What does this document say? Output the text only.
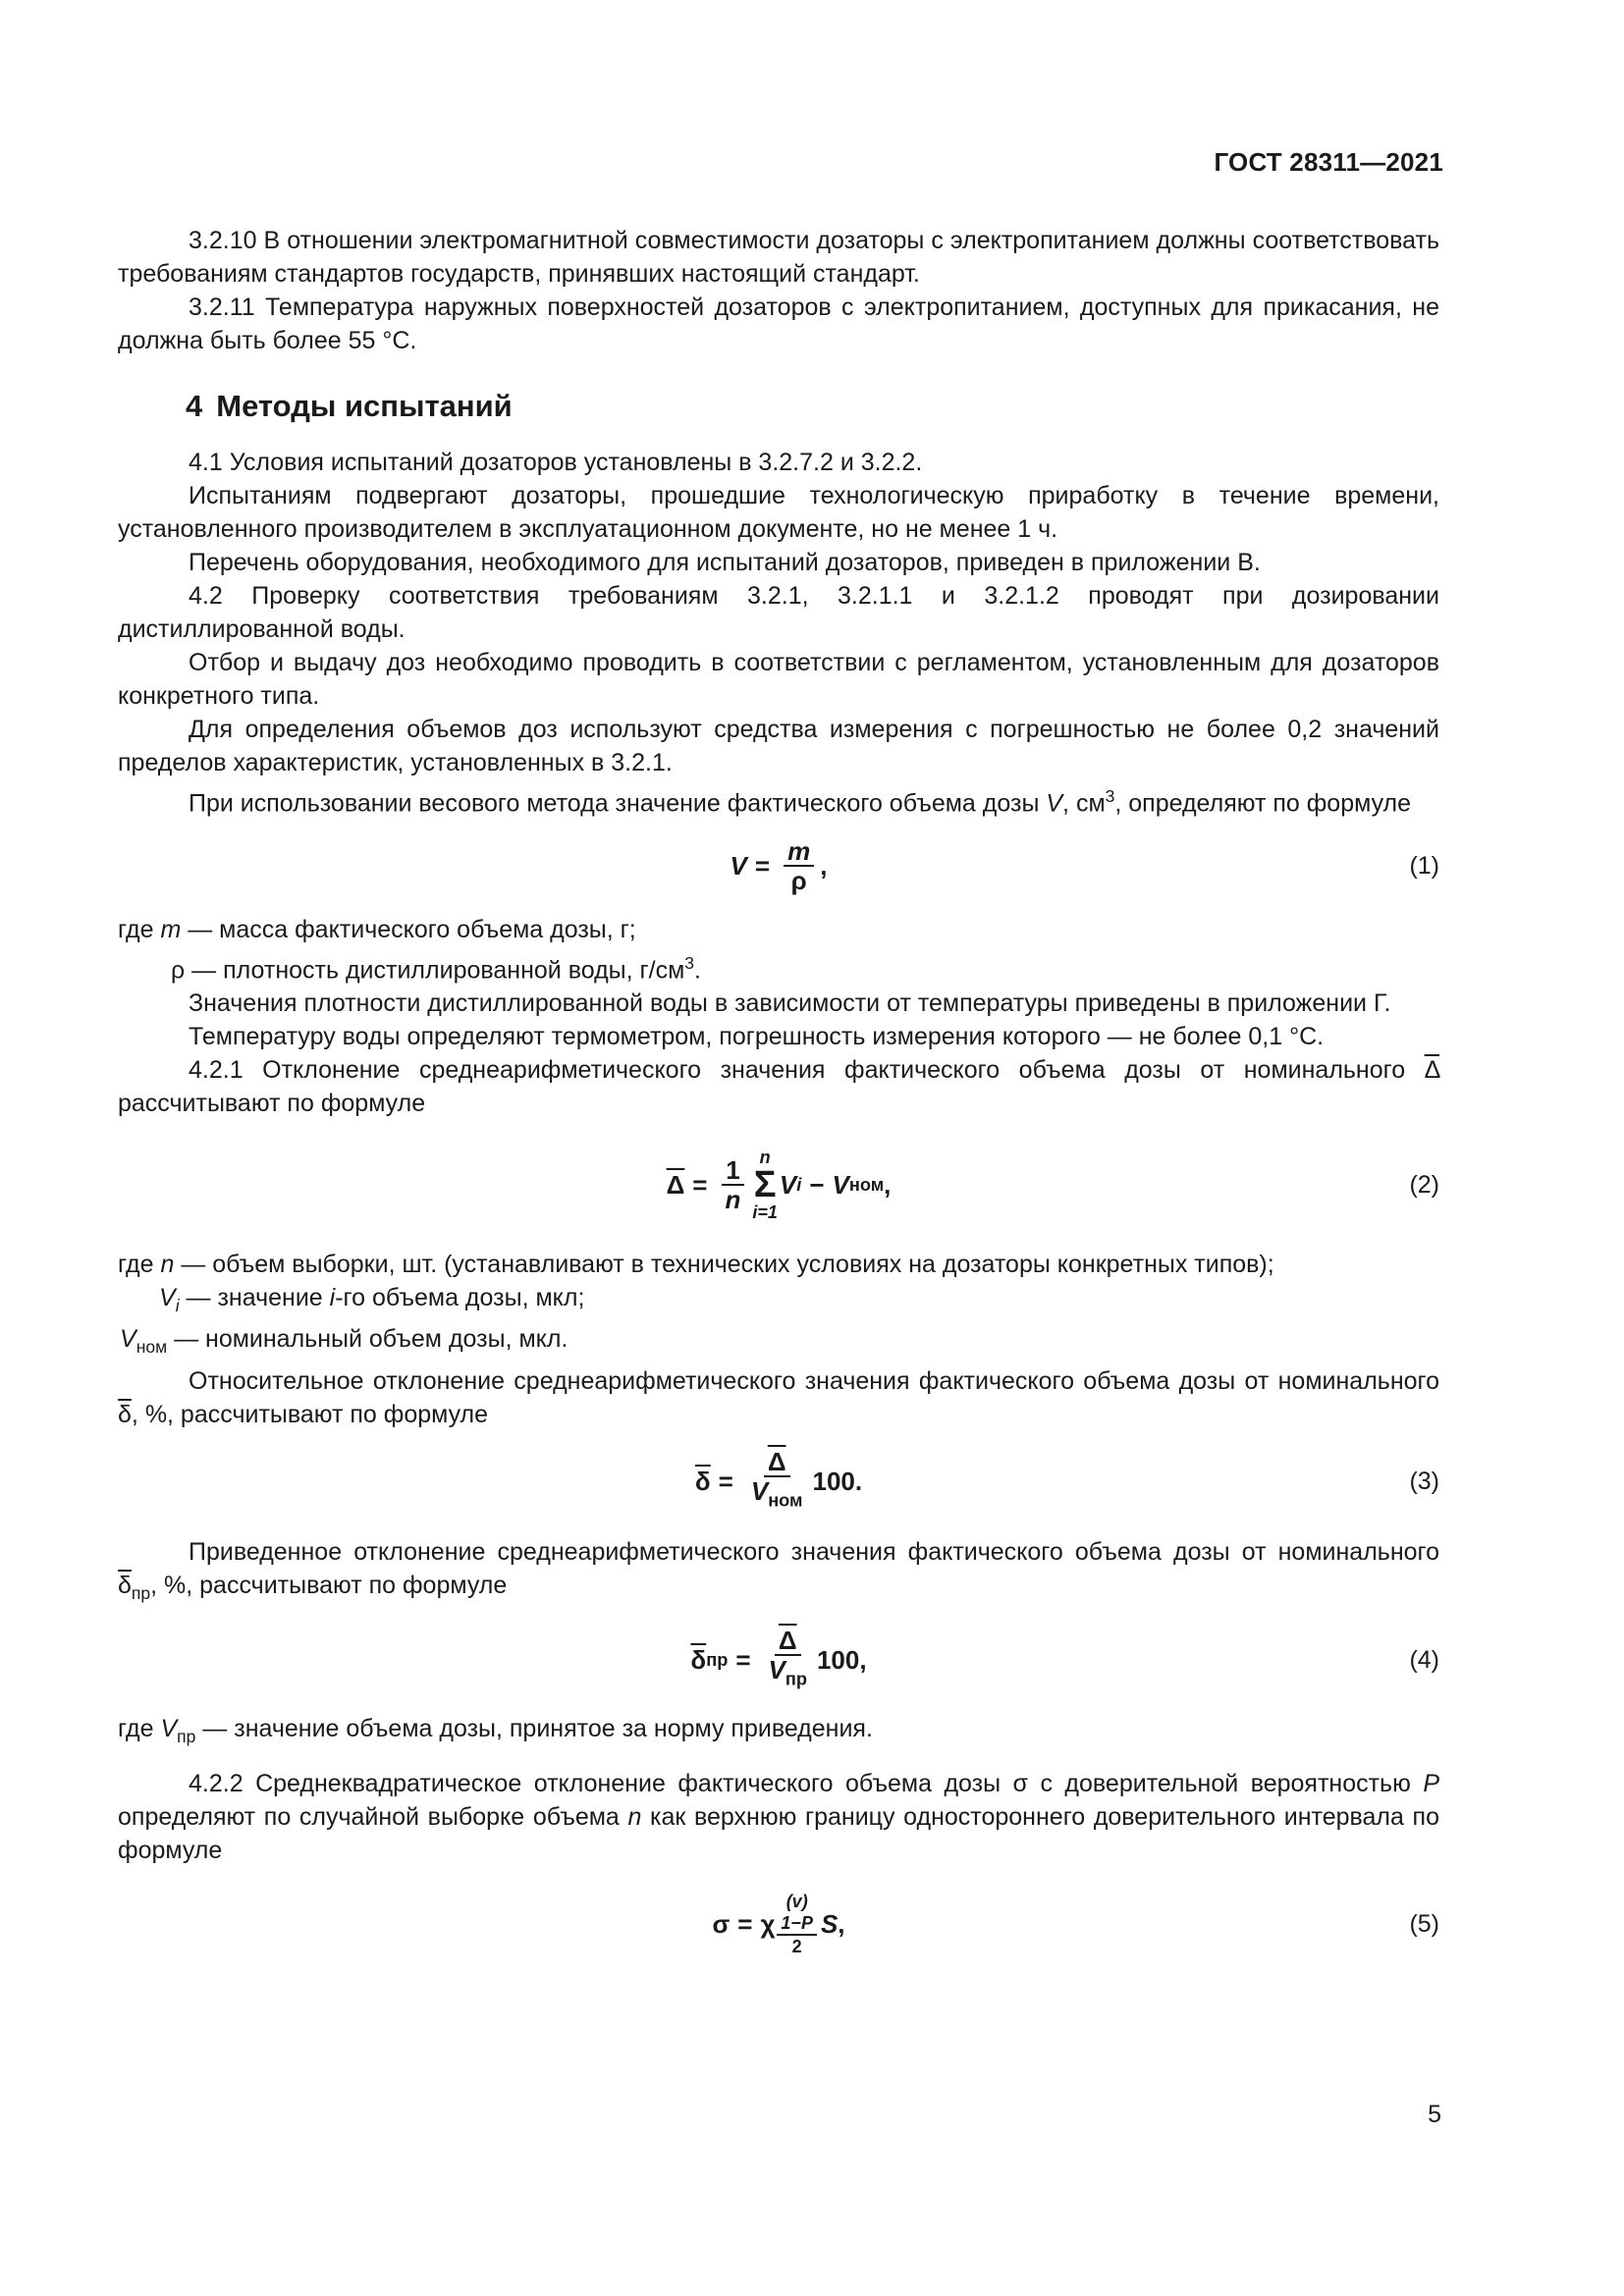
ГОСТ 28311—2021

3.2.10 В отношении электромагнитной совместимости дозаторы с электропитанием должны соответствовать требованиям стандартов государств, принявших настоящий стандарт.

3.2.11 Температура наружных поверхностей дозаторов с электропитанием, доступных для прикасания, не должна быть более 55 °C.

4 Методы испытаний

4.1 Условия испытаний дозаторов установлены в 3.2.7.2 и 3.2.2.

Испытаниям подвергают дозаторы, прошедшие технологическую приработку в течение времени, установленного производителем в эксплуатационном документе, но не менее 1 ч.

Перечень оборудования, необходимого для испытаний дозаторов, приведен в приложении В.

4.2 Проверку соответствия требованиям 3.2.1, 3.2.1.1 и 3.2.1.2 проводят при дозировании дистиллированной воды.

Отбор и выдачу доз необходимо проводить в соответствии с регламентом, установленным для дозаторов конкретного типа.

Для определения объемов доз используют средства измерения с погрешностью не более 0,2 значений пределов характеристик, установленных в 3.2.1.

При использовании весового метода значение фактического объема дозы V, $см^3$, определяют по формуле

$V = \frac{m}{\rho}$ ,	(1)
где m — масса фактического объема дозы, г;
ρ — плотность дистиллированной воды, $г/см^3$.

Значения плотности дистиллированной воды в зависимости от температуры приведены в приложении Г.

Температуру воды определяют термометром, погрешность измерения которого — не более 0,1 °C.

4.2.1 Отклонение среднеарифметического значения фактического объема дозы от номинального $\overline{\Delta}$ рассчитывают по формуле

$\overline{\Delta} = \frac{1}{n}$ n
Σ
i=1
V i − V ном ,	(2)
где n — объем выборки, шт. (устанавливают в технических условиях на дозаторы конкретных типов);
$V_i$ — значение i-го объема дозы, мкл;
$V_{ном}$ — номинальный объем дозы, мкл.

Относительное отклонение среднеарифметического значения фактического объема дозы от номинального $\overline{\delta}$, %, рассчитывают по формуле

$\overline{\delta} = \frac{\overline{\Delta}}{V_{ном}} 100$.	(3)

Приведенное отклонение среднеарифметического значения фактического объема дозы от номинального $\overline{\delta}_{пр}$, %, рассчитывают по формуле

$\overline{\delta}$ пр = $\frac{\overline{\Delta}}{V_{пр}} 100$,	(4)
где $V_{пр}$ — значение объема дозы, принятое за норму приведения.

4.2.2 Среднеквадратическое отклонение фактического объема дозы σ с доверительной вероятностью P определяют по случайной выборке объема n как верхнюю границу одностороннего доверительного интервала по формуле

σ = χ
(v)
$\frac{1-P}{2}$ S ,	(5)
5
